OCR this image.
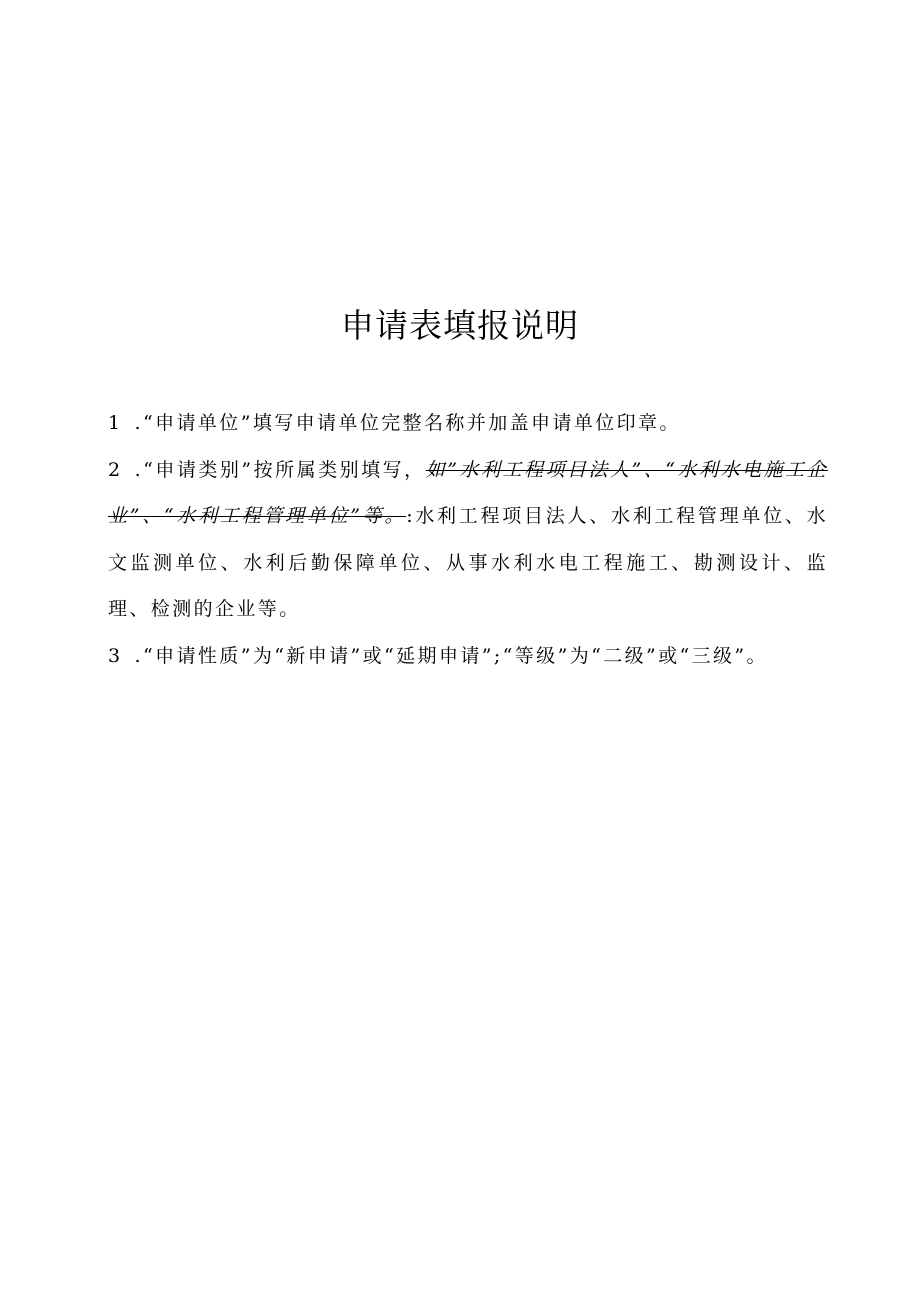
申请表填报说明

1 .“申请单位”填写申请单位完整名称并加盖申请单位印章。

2 .“申请类别”按所属类别填写，如”水利工程项目法人”、“水利水电施工企业”、“水利工程管理单位”等。:水利工程项目法人、水利工程管理单位、水文监测单位、水利后勤保障单位、从事水利水电工程施工、勘测设计、监理、检测的企业等。

3 .“申请性质”为“新申请”或“延期申请”;“等级”为“二级”或“三级”。
